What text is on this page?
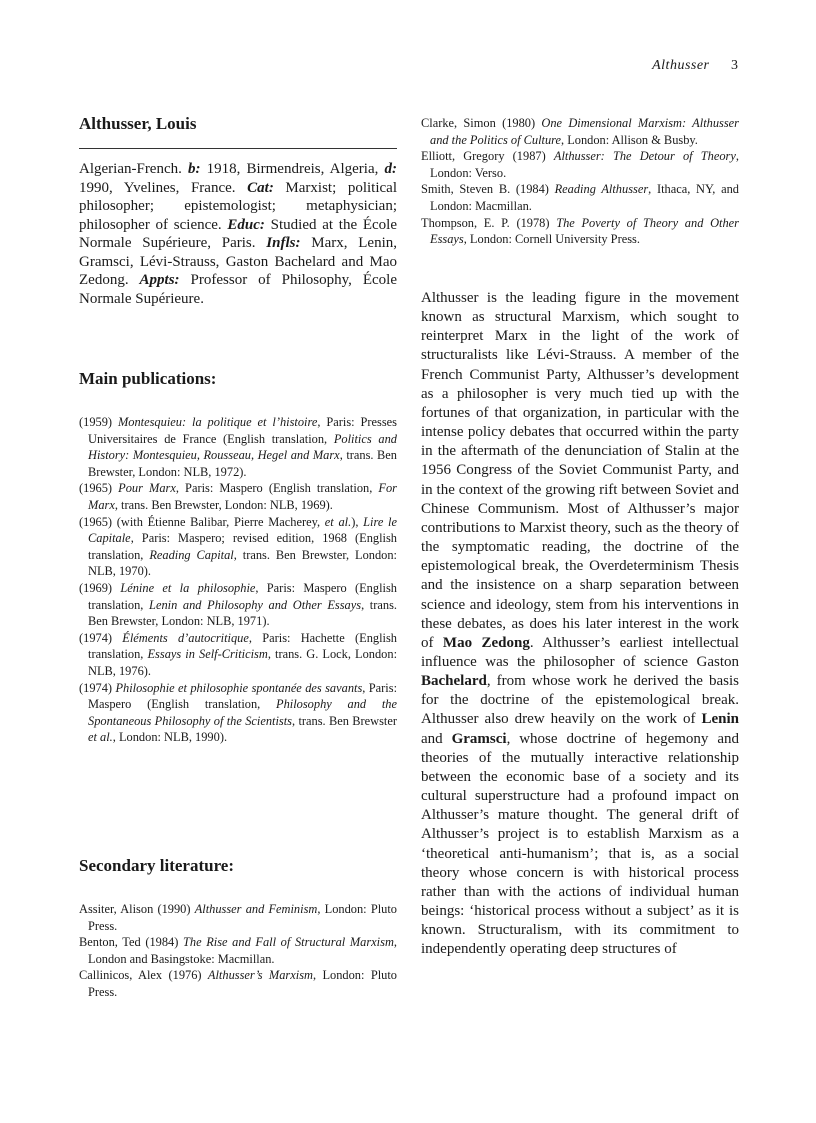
Althusser 3
Althusser, Louis

Algerian-French. b: 1918, Birmendreis, Algeria, d: 1990, Yvelines, France. Cat: Marxist; political philosopher; epistemologist; metaphysician; philosopher of science. Educ: Studied at the École Normale Supérieure, Paris. Infls: Marx, Lenin, Gramsci, Lévi-Strauss, Gaston Bachelard and Mao Zedong. Appts: Professor of Philosophy, École Normale Supérieure.

Main publications:
(1959) Montesquieu: la politique et l’histoire, Paris: Presses Universitaires de France (English translation, Politics and History: Montesquieu, Rousseau, Hegel and Marx, trans. Ben Brewster, London: NLB, 1972).
(1965) Pour Marx, Paris: Maspero (English translation, For Marx, trans. Ben Brewster, London: NLB, 1969).
(1965) (with Étienne Balibar, Pierre Macherey, et al.), Lire le Capitale, Paris: Maspero; revised edition, 1968 (English translation, Reading Capital, trans. Ben Brewster, London: NLB, 1970).
(1969) Lénine et la philosophie, Paris: Maspero (English translation, Lenin and Philosophy and Other Essays, trans. Ben Brewster, London: NLB, 1971).
(1974) Éléments d’autocritique, Paris: Hachette (English translation, Essays in Self-Criticism, trans. G. Lock, London: NLB, 1976).
(1974) Philosophie et philosophie spontanée des savants, Paris: Maspero (English translation, Philosophy and the Spontaneous Philosophy of the Scientists, trans. Ben Brewster et al., London: NLB, 1990).
Secondary literature:
Assiter, Alison (1990) Althusser and Feminism, London: Pluto Press.
Benton, Ted (1984) The Rise and Fall of Structural Marxism, London and Basingstoke: Macmillan.
Callinicos, Alex (1976) Althusser’s Marxism, London: Pluto Press.
Clarke, Simon (1980) One Dimensional Marxism: Althusser and the Politics of Culture, London: Allison & Busby.
Elliott, Gregory (1987) Althusser: The Detour of Theory, London: Verso.
Smith, Steven B. (1984) Reading Althusser, Ithaca, NY, and London: Macmillan.
Thompson, E. P. (1978) The Poverty of Theory and Other Essays, London: Cornell University Press.

Althusser is the leading figure in the movement known as structural Marxism, which sought to reinterpret Marx in the light of the work of structuralists like Lévi-Strauss. A member of the French Communist Party, Althusser’s development as a philosopher is very much tied up with the fortunes of that organization, in particular with the intense policy debates that occurred within the party in the aftermath of the denunciation of Stalin at the 1956 Congress of the Soviet Communist Party, and in the context of the growing rift between Soviet and Chinese Communism. Most of Althusser’s major contributions to Marxist theory, such as the theory of the symptomatic reading, the doctrine of the epistemological break, the Overdeterminism Thesis and the insistence on a sharp separation between science and ideology, stem from his interventions in these debates, as does his later interest in the work of Mao Zedong. Althusser’s earliest intellectual influence was the philosopher of science Gaston Bachelard, from whose work he derived the basis for the doctrine of the epistemological break. Althusser also drew heavily on the work of Lenin and Gramsci, whose doctrine of hegemony and theories of the mutually interactive relationship between the economic base of a society and its cultural superstructure had a profound impact on Althusser’s mature thought. The general drift of Althusser’s project is to establish Marxism as a ‘theoretical anti-humanism’; that is, as a social theory whose concern is with historical process rather than with the actions of individual human beings: ‘historical process without a subject’ as it is known. Structuralism, with its commitment to independently operating deep structures of
